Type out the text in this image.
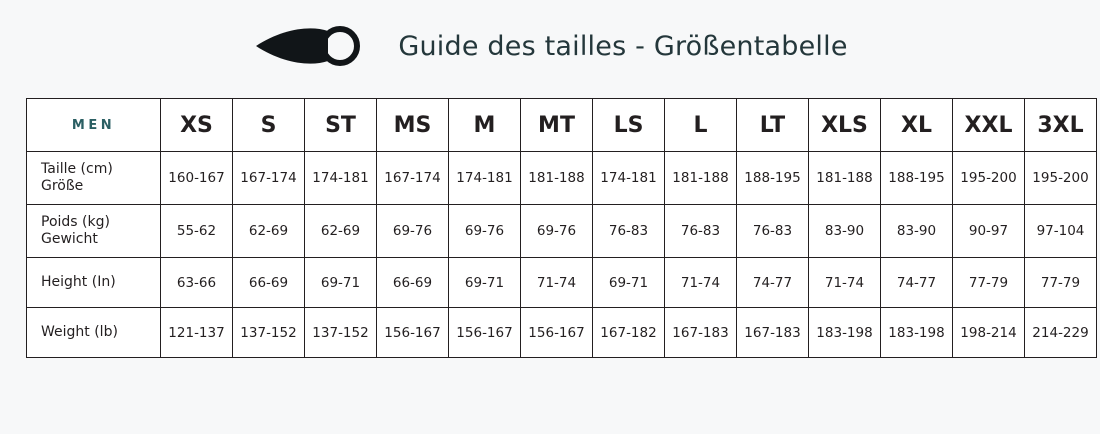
Guide des tailles - Größentabelle
MEN	XS	S	ST	MS	M	MT	LS	L	LT	XLS	XL	XXL	3XL
Taille (cm)
Größe	160-167	167-174	174-181	167-174	174-181	181-188	174-181	181-188	188-195	181-188	188-195	195-200	195-200
Poids (kg)
Gewicht	55-62	62-69	62-69	69-76	69-76	69-76	76-83	76-83	76-83	83-90	83-90	90-97	97-104
Height (In)	63-66	66-69	69-71	66-69	69-71	71-74	69-71	71-74	74-77	71-74	74-77	77-79	77-79
Weight (lb)	121-137	137-152	137-152	156-167	156-167	156-167	167-182	167-183	167-183	183-198	183-198	198-214	214-229
